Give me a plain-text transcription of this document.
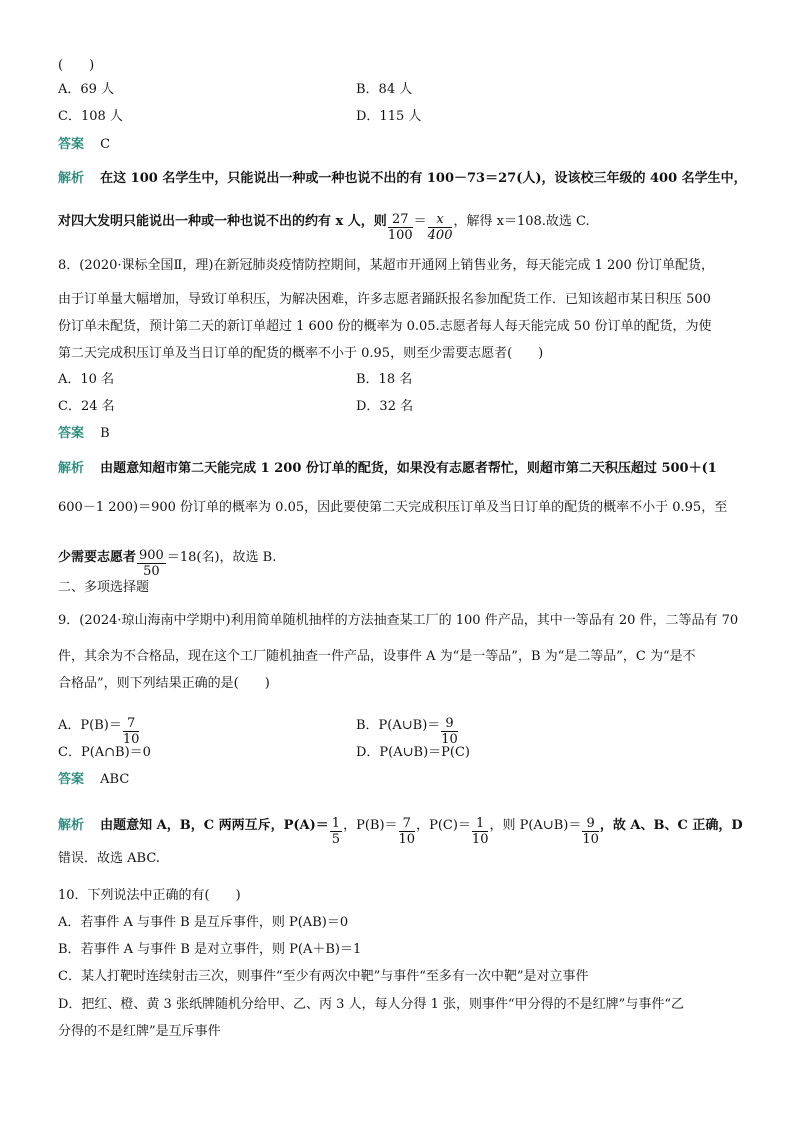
(　　)
A．69 人	B．84 人
C．108 人	D．115 人
答案 C
解析 在这 100 名学生中，只能说出一种或一种也说不出的有 100－73＝27(人)，设该校三年级的 400 名学生中，
对四大发明只能说出一种或一种也说不出的约有 x 人，则 $\frac{27}{100} = \frac{x}{400}$ ，解得 x＝108.故选 C.
8．(2020·课标全国Ⅱ，理)在新冠肺炎疫情防控期间，某超市开通网上销售业务，每天能完成 1 200 份订单配货，
由于订单量大幅增加，导致订单积压，为解决困难，许多志愿者踊跃报名参加配货工作．已知该超市某日积压 500
份订单未配货，预计第二天的新订单超过 1 600 份的概率为 0.05.志愿者每人每天能完成 50 份订单的配货，为使
第二天完成积压订单及当日订单的配货的概率不小于 0.95，则至少需要志愿者(　　)
A．10 名	B．18 名
C．24 名	D．32 名
答案 B
解析 由题意知超市第二天能完成 1 200 份订单的配货，如果没有志愿者帮忙，则超市第二天积压超过 500＋(1
600－1 200)＝900 份订单的概率为 0.05，因此要使第二天完成积压订单及当日订单的配货的概率不小于 0.95，至
少需要志愿者 $\frac{900}{50} =18$(名)，故选 B.
二、多项选择题
9．(2024·琼山海南中学期中)利用简单随机抽样的方法抽查某工厂的 100 件产品，其中一等品有 20 件，二等品有 70
件，其余为不合格品，现在这个工厂随机抽查一件产品，设事件 A 为“是一等品”，B 为“是二等品”，C 为“是不
合格品”，则下列结果正确的是(　　)
A．$P(B)= \frac{7}{10}$	B．P(A∪B)＝ $\frac{9}{10}$
C．P(A∩B)＝0	D．P(A∪B)＝P(C)
答案 ABC
解析 由题意知 A，B，C 两两互斥，$P(A)= \frac{1}{5}$ ，$P(B)= \frac{7}{10}$ ，$P(C)= \frac{1}{10}$ ，则 P(A∪B)＝ $\frac{9}{10}$ ，故 A、B、C 正确，D
错误．故选 ABC.
10．下列说法中正确的有(　　)
A．若事件 A 与事件 B 是互斥事件，则 P(AB)＝0
B．若事件 A 与事件 B 是对立事件，则 P(A＋B)＝1
C．某人打靶时连续射击三次，则事件“至少有两次中靶”与事件“至多有一次中靶”是对立事件
D．把红、橙、黄 3 张纸牌随机分给甲、乙、丙 3 人，每人分得 1 张，则事件“甲分得的不是红牌”与事件“乙
分得的不是红牌”是互斥事件
